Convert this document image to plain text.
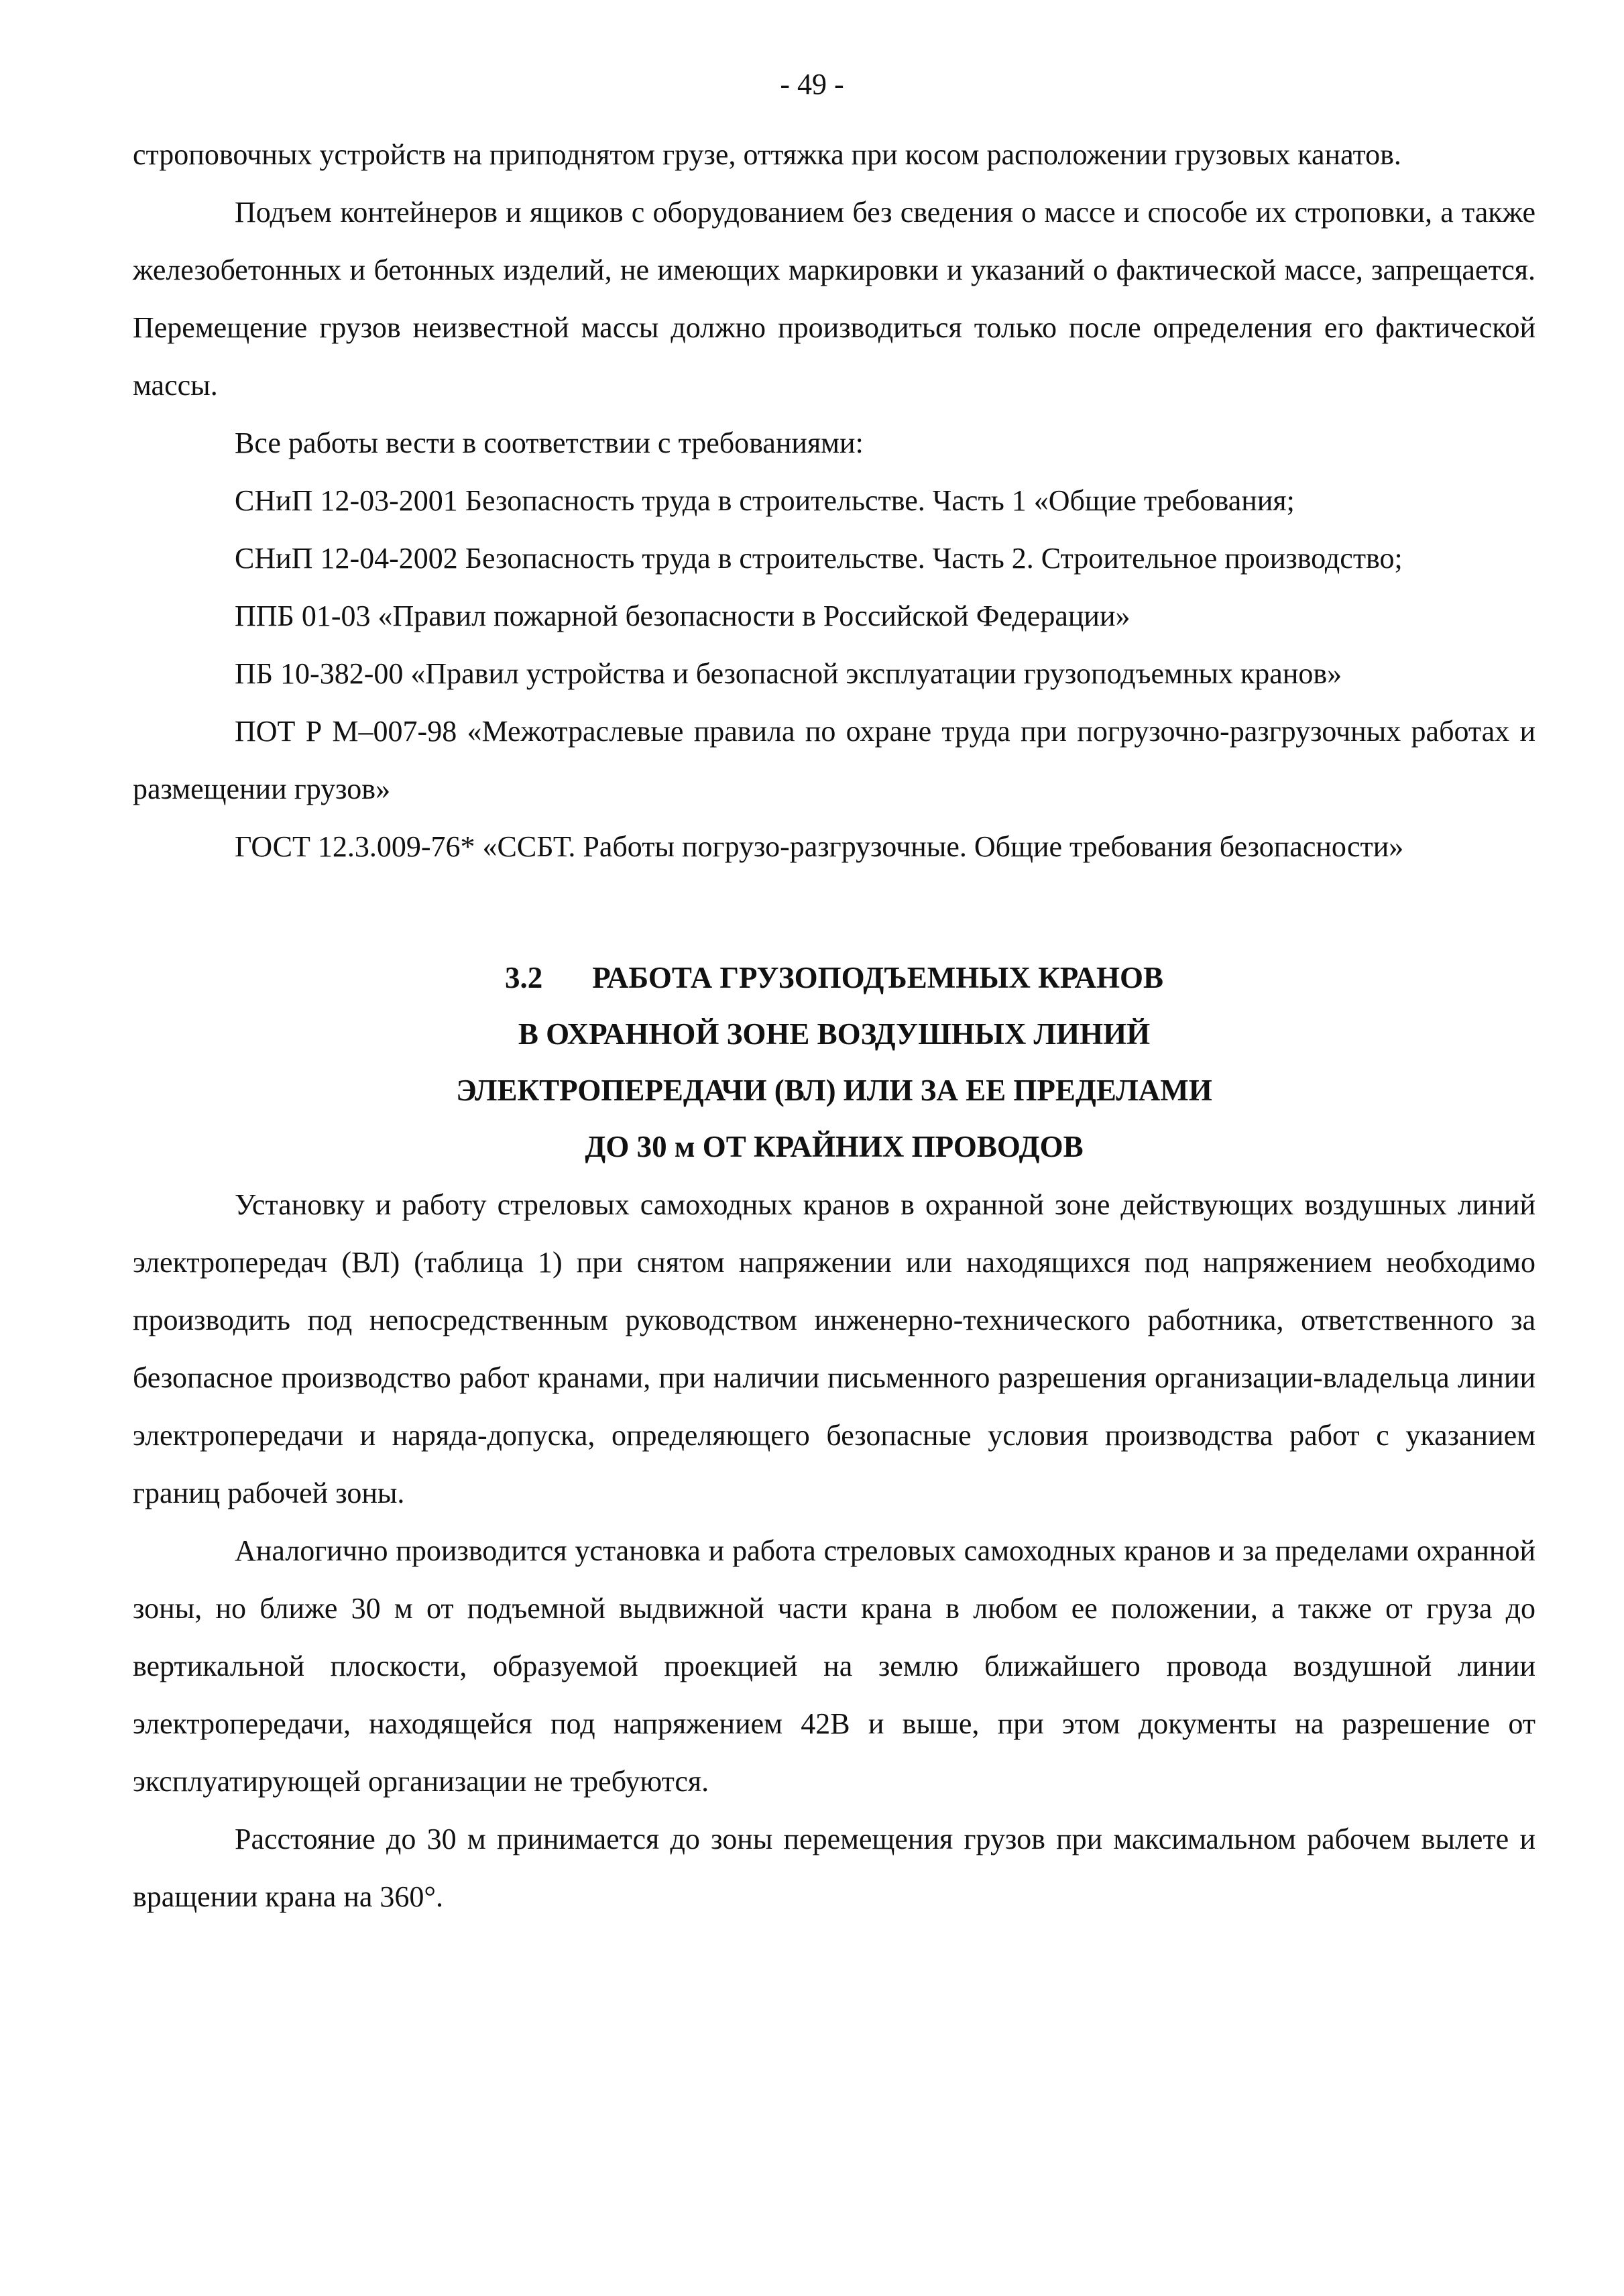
- 49 -

строповочных устройств на приподнятом грузе, оттяжка при косом расположении грузовых канатов.

Подъем контейнеров и ящиков с оборудованием без сведения о массе и способе их строповки, а также железобетонных и бетонных изделий, не имеющих маркировки и указаний о фактической массе, запрещается. Перемещение грузов неизвестной массы должно производиться только после определения его фактической массы.

Все работы вести в соответствии с требованиями:

СНиП 12-03-2001 Безопасность труда в строительстве. Часть 1 «Общие требования;

СНиП 12-04-2002 Безопасность труда в строительстве. Часть 2. Строительное производство;

ППБ 01-03 «Правил пожарной безопасности в Российской Федерации»

ПБ 10-382-00 «Правил устройства и безопасной эксплуатации грузоподъемных кранов»

ПОТ Р М–007-98 «Межотраслевые правила по охране труда при погрузочно-разгрузочных работах и размещении грузов»

ГОСТ 12.3.009-76* «ССБТ. Работы погрузо-разгрузочные. Общие требования безопасности»

3.2 РАБОТА ГРУЗОПОДЪЕМНЫХ КРАНОВ
В ОХРАННОЙ ЗОНЕ ВОЗДУШНЫХ ЛИНИЙ
ЭЛЕКТРОПЕРЕДАЧИ (ВЛ) ИЛИ ЗА ЕЕ ПРЕДЕЛАМИ
ДО 30 м ОТ КРАЙНИХ ПРОВОДОВ

Установку и работу стреловых самоходных кранов в охранной зоне действующих воздушных линий электропередач (ВЛ) (таблица 1) при снятом напряжении или находящихся под напряжением необходимо производить под непосредственным руководством инженерно-технического работника, ответственного за безопасное производство работ кранами, при наличии письменного разрешения организации-владельца линии электропередачи и наряда-допуска, определяющего безопасные условия производства работ с указанием границ рабочей зоны.

Аналогично производится установка и работа стреловых самоходных кранов и за пределами охранной зоны, но ближе 30 м от подъемной выдвижной части крана в любом ее положении, а также от груза до вертикальной плоскости, образуемой проекцией на землю ближайшего провода воздушной линии электропередачи, находящейся под напряжением 42В и выше, при этом документы на разрешение от эксплуатирующей организации не требуются.

Расстояние до 30 м принимается до зоны перемещения грузов при максимальном рабочем вылете и вращении крана на 360°.
